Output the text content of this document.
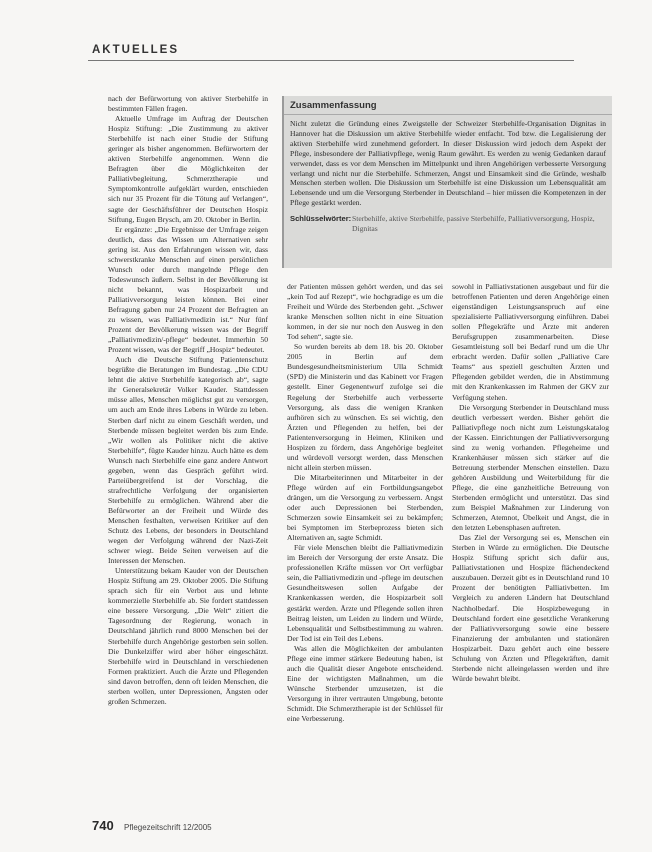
AKTUELLES
Zusammenfassung
Nicht zuletzt die Gründung eines Zweigstelle der Schweizer Sterbehilfe-Organisation Dignitas in Hannover hat die Diskussion um aktive Sterbehilfe wieder entfacht. Tod bzw. die Legalisierung der aktiven Sterbehilfe wird zunehmend gefordert. In dieser Diskussion wird jedoch dem Aspekt der Pflege, insbesondere der Palliativpflege, wenig Raum gewährt. Es werden zu wenig Gedanken darauf verwendet, dass es vor dem Menschen im Mittelpunkt und ihren Angehörigen verbesserte Versorgung verlangt und nicht nur die Sterbehilfe. Schmerzen, Angst und Einsamkeit sind die Gründe, weshalb Menschen sterben wollen. Die Diskussion um Sterbehilfe ist eine Diskussion um Lebensqualität am Lebensende und um die Versorgung Sterbender in Deutschland – hier müssen die Kompetenzen in der Pflege gestärkt werden.
Schlüsselwörter: Sterbehilfe, aktive Sterbehilfe, passive Sterbehilfe, Palliativversorgung, Hospiz, Dignitas

nach der Befürwortung von aktiver Sterbehilfe in bestimmten Fällen fragen.

Aktuelle Umfrage im Auftrag der Deutschen Hospiz Stiftung: „Die Zustimmung zu aktiver Sterbehilfe ist nach einer Studie der Stiftung geringer als bisher angenommen. Befürwortern der aktiven Sterbehilfe angenommen. Wenn die Befragten über die Möglichkeiten der Palliativbegleitung, Schmerztherapie und Symptomkontrolle aufgeklärt wurden, entschieden sich nur 35 Prozent für die Tötung auf Verlangen“, sagte der Geschäftsführer der Deutschen Hospiz Stiftung, Eugen Brysch, am 20. Oktober in Berlin.

Er ergänzte: „Die Ergebnisse der Umfrage zeigen deutlich, dass das Wissen um Alternativen sehr gering ist. Aus den Erfahrungen wissen wir, dass schwerstkranke Menschen auf einen persönlichen Wunsch oder durch mangelnde Pflege den Todeswunsch äußern. Selbst in der Bevölkerung ist nicht bekannt, was Hospizarbeit und Palliativversorgung leisten können. Bei einer Befragung gaben nur 24 Prozent der Befragten an zu wissen, was Palliativmedizin ist.“ Nur fünf Prozent der Bevölkerung wissen was der Begriff „Palliativmedizin/-pflege“ bedeutet. Immerhin 50 Prozent wissen, was der Begriff „Hospiz“ bedeutet.

Auch die Deutsche Stiftung Patientenschutz begrüßte die Beratungen im Bundestag. „Die CDU lehnt die aktive Sterbehilfe kategorisch ab“, sagte ihr Generalsekretär Volker Kauder. Stattdessen müsse alles, Menschen möglichst gut zu versorgen, um auch am Ende ihres Lebens in Würde zu leben. Sterben darf nicht zu einem Geschäft werden, und Sterbende müssen begleitet werden bis zum Ende. „Wir wollen als Politiker nicht die aktive Sterbehilfe“, fügte Kauder hinzu. Auch hätte es dem Wunsch nach Sterbehilfe eine ganz andere Antwort gegeben, wenn das Gespräch geführt wird. Parteiübergreifend ist der Vorschlag, die strafrechtliche Verfolgung der organisierten Sterbehilfe zu ermöglichen. Während aber die Befürworter an der Freiheit und Würde des Menschen festhalten, verweisen Kritiker auf den Schutz des Lebens, der besonders in Deutschland wegen der Verfolgung während der Nazi-Zeit schwer wiegt. Beide Seiten verweisen auf die Interessen der Menschen.

Unterstützung bekam Kauder von der Deutschen Hospiz Stiftung am 29. Oktober 2005. Die Stiftung sprach sich für ein Verbot aus und lehnte kommerzielle Sterbehilfe ab. Sie fordert stattdessen eine bessere Versorgung. „Die Welt“ zitiert die Tagesordnung der Regierung, wonach in Deutschland jährlich rund 8000 Menschen bei der Sterbehilfe durch Angehörige gestorben sein sollen. Die Dunkelziffer wird aber höher eingeschätzt. Sterbehilfe wird in Deutschland in verschiedenen Formen praktiziert. Auch die Ärzte und Pflegenden sind davon betroffen, denn oft leiden Menschen, die sterben wollen, unter Depressionen, Ängsten oder großen Schmerzen.

der Patienten müssen gehört werden, und das sei „kein Tod auf Rezept“, wie hochgradige es um die Freiheit und Würde des Sterbenden geht. „Schwer kranke Menschen sollten nicht in eine Situation kommen, in der sie nur noch den Ausweg in den Tod sehen“, sagte sie.

So wurden bereits ab dem 18. bis 20. Oktober 2005 in Berlin auf dem Bundesgesundheitsministerium Ulla Schmidt (SPD) die Ministerin und das Kabinett vor Fragen gestellt. Einer Gegenentwurf zufolge sei die Regelung der Sterbehilfe auch verbesserte Versorgung, als dass die wenigen Kranken aufhören sich zu wünschen. Es sei wichtig, den Ärzten und Pflegenden zu helfen, bei der Patientenversorgung in Heimen, Kliniken und Hospizen zu fördern, dass Angehörige begleitet und würdevoll versorgt werden, dass Menschen nicht allein sterben müssen.

Die Mitarbeiterinnen und Mitarbeiter in der Pflege würden auf ein Fortbildungsangebot drängen, um die Versorgung zu verbessern. Angst oder auch Depressionen bei Sterbenden, Schmerzen sowie Einsamkeit sei zu bekämpfen; bei Symptomen im Sterbeprozess bieten sich Alternativen an, sagte Schmidt.

Für viele Menschen bleibt die Palliativmedizin im Bereich der Versorgung der erste Ansatz. Die professionellen Kräfte müssen vor Ort verfügbar sein, die Palliativmedizin und -pflege im deutschen Gesundheitswesen sollen Aufgabe der Krankenkassen werden, die Hospizarbeit soll gestärkt werden. Ärzte und Pflegende sollen ihren Beitrag leisten, um Leiden zu lindern und Würde, Lebensqualität und Selbstbestimmung zu wahren. Der Tod ist ein Teil des Lebens.

Was allen die Möglichkeiten der ambulanten Pflege eine immer stärkere Bedeutung haben, ist auch die Qualität dieser Angebote entscheidend. Eine der wichtigsten Maßnahmen, um die Wünsche Sterbender umzusetzen, ist die Versorgung in ihrer vertrauten Umgebung, betonte Schmidt. Die Schmerztherapie ist der Schlüssel für eine Verbesserung.

sowohl in Palliativstationen ausgebaut und für die betroffenen Patienten und deren Angehörige einen eigenständigen Leistungsanspruch auf eine spezialisierte Palliativversorgung einführen. Dabei sollen Pflegekräfte und Ärzte mit anderen Berufsgruppen zusammenarbeiten. Diese Gesamtleistung soll bei Bedarf rund um die Uhr erbracht werden. Dafür sollen „Palliative Care Teams“ aus speziell geschulten Ärzten und Pflegenden gebildet werden, die in Abstimmung mit den Krankenkassen im Rahmen der GKV zur Verfügung stehen.

Die Versorgung Sterbender in Deutschland muss deutlich verbessert werden. Bisher gehört die Palliativpflege noch nicht zum Leistungskatalog der Kassen. Einrichtungen der Palliativversorgung sind zu wenig vorhanden. Pflegeheime und Krankenhäuser müssen sich stärker auf die Betreuung sterbender Menschen einstellen. Dazu gehören Ausbildung und Weiterbildung für die Pflege, die eine ganzheitliche Betreuung von Sterbenden ermöglicht und unterstützt. Das sind zum Beispiel Maßnahmen zur Linderung von Schmerzen, Atemnot, Übelkeit und Angst, die in den letzten Lebensphasen auftreten.

Das Ziel der Versorgung sei es, Menschen ein Sterben in Würde zu ermöglichen. Die Deutsche Hospiz Stiftung spricht sich dafür aus, Palliativstationen und Hospize flächendeckend auszubauen. Derzeit gibt es in Deutschland rund 10 Prozent der benötigten Palliativbetten. Im Vergleich zu anderen Ländern hat Deutschland Nachholbedarf. Die Hospizbewegung in Deutschland fordert eine gesetzliche Verankerung der Palliativversorgung sowie eine bessere Finanzierung der ambulanten und stationären Hospizarbeit. Dazu gehört auch eine bessere Schulung von Ärzten und Pflegekräften, damit Sterbende nicht alleingelassen werden und ihre Würde bewahrt bleibt.

740 Pflegezeitschrift 12/2005
